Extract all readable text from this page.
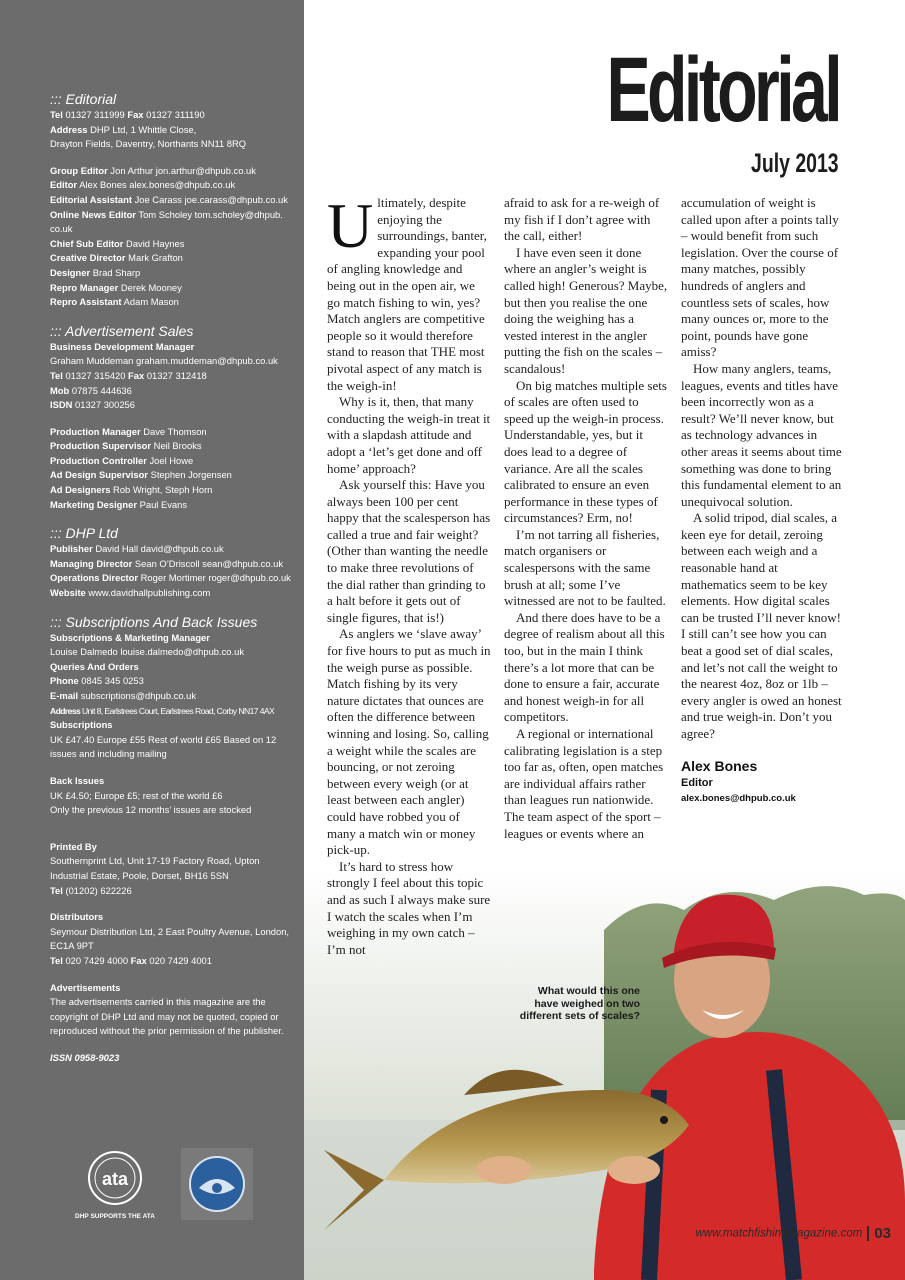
::: Editorial
Tel 01327 311999 Fax 01327 311190
Address DHP Ltd, 1 Whittle Close,
Drayton Fields, Daventry, Northants NN11 8RQ
Group Editor Jon Arthur jon.arthur@dhpub.co.uk
Editor Alex Bones alex.bones@dhpub.co.uk
Editorial Assistant Joe Carass joe.carass@dhpub.co.uk
Online News Editor Tom Scholey tom.scholey@dhpub.
co.uk
Chief Sub Editor David Haynes
Creative Director Mark Grafton
Designer Brad Sharp
Repro Manager Derek Mooney
Repro Assistant Adam Mason
::: Advertisement Sales
Business Development Manager
Graham Muddeman graham.muddeman@dhpub.co.uk
Tel 01327 315420 Fax 01327 312418
Mob 07875 444636
ISDN 01327 300256
Production Manager Dave Thomson
Production Supervisor Neil Brooks
Production Controller Joel Howe
Ad Design Supervisor Stephen Jorgensen
Ad Designers Rob Wright, Steph Horn
Marketing Designer Paul Evans
::: DHP Ltd
Publisher David Hall david@dhpub.co.uk
Managing Director Sean O’Driscoll sean@dhpub.co.uk
Operations Director Roger Mortimer roger@dhpub.co.uk
Website www.davidhallpublishing.com
::: Subscriptions And Back Issues
Subscriptions & Marketing Manager
Louise Dalmedo louise.dalmedo@dhpub.co.uk
Queries And Orders
Phone 0845 345 0253
E-mail subscriptions@dhpub.co.uk
Address Unit 8, Earlstrees Court, Earlstrees Road, Corby NN17 4AX
Subscriptions
UK £47.40 Europe £55 Rest of world £65 Based on 12 issues and including mailing
Back Issues
UK £4.50; Europe £5; rest of the world £6
Only the previous 12 months’ issues are stocked
Printed By
Southernprint Ltd, Unit 17-19 Factory Road, Upton Industrial Estate, Poole, Dorset, BH16 5SN
Tel (01202) 622226
Distributors
Seymour Distribution Ltd, 2 East Poultry Avenue, London, EC1A 9PT
Tel 020 7429 4000 Fax 020 7429 4001
Advertisements
The advertisements carried in this magazine are the copyright of DHP Ltd and may not be quoted, copied or reproduced without the prior permission of the publisher.
ISSN 0958-9023
ata
DHP SUPPORTS THE ATA
Editorial
July 2013
What would this one have weighed on two different sets of scales?

Ultimately, despite enjoying the surroundings, banter, expanding your pool of angling knowledge and being out in the open air, we go match fishing to win, yes? Match anglers are competitive people so it would therefore stand to reason that THE most pivotal aspect of any match is the weigh-in!

Why is it, then, that many conducting the weigh-in treat it with a slapdash attitude and adopt a ‘let’s get done and off home’ approach?

Ask yourself this: Have you always been 100 per cent happy that the scalesperson has called a true and fair weight? (Other than wanting the needle to make three revolutions of the dial rather than grinding to a halt before it gets out of single figures, that is!)

As anglers we ‘slave away’ for five hours to put as much in the weigh purse as possible. Match fishing by its very nature dictates that ounces are often the difference between winning and losing. So, calling a weight while the scales are bouncing, or not zeroing between every weigh (or at least between each angler) could have robbed you of many a match win or money pick-up.

It’s hard to stress how strongly I feel about this topic and as such I always make sure I watch the scales when I’m weighing in my own catch – I’m not

afraid to ask for a re-weigh of my fish if I don’t agree with the call, either!

I have even seen it done where an angler’s weight is called high! Generous? Maybe, but then you realise the one doing the weighing has a vested interest in the angler putting the fish on the scales – scandalous!

On big matches multiple sets of scales are often used to speed up the weigh-in process. Understandable, yes, but it does lead to a degree of variance. Are all the scales calibrated to ensure an even performance in these types of circumstances? Erm, no!

I’m not tarring all fisheries, match organisers or scalespersons with the same brush at all; some I’ve witnessed are not to be faulted.

And there does have to be a degree of realism about all this too, but in the main I think there’s a lot more that can be done to ensure a fair, accurate and honest weigh-in for all competitors.

A regional or international calibrating legislation is a step too far as, often, open matches are individual affairs rather than leagues run nationwide. The team aspect of the sport – leagues or events where an

accumulation of weight is called upon after a points tally – would benefit from such legislation. Over the course of many matches, possibly hundreds of anglers and countless sets of scales, how many ounces or, more to the point, pounds have gone amiss?

How many anglers, teams, leagues, events and titles have been incorrectly won as a result? We’ll never know, but as technology advances in other areas it seems about time something was done to bring this fundamental element to an unequivocal solution.

A solid tripod, dial scales, a keen eye for detail, zeroing between each weigh and a reasonable hand at mathematics seem to be key elements. How digital scales can be trusted I’ll never know! I still can’t see how you can beat a good set of dial scales, and let’s not call the weight to the nearest 4oz, 8oz or 1lb – every angler is owed an honest and true weigh-in. Don’t you agree?

Alex Bones
Editor
alex.bones@dhpub.co.uk
www.matchfishingmagazine.com 03
